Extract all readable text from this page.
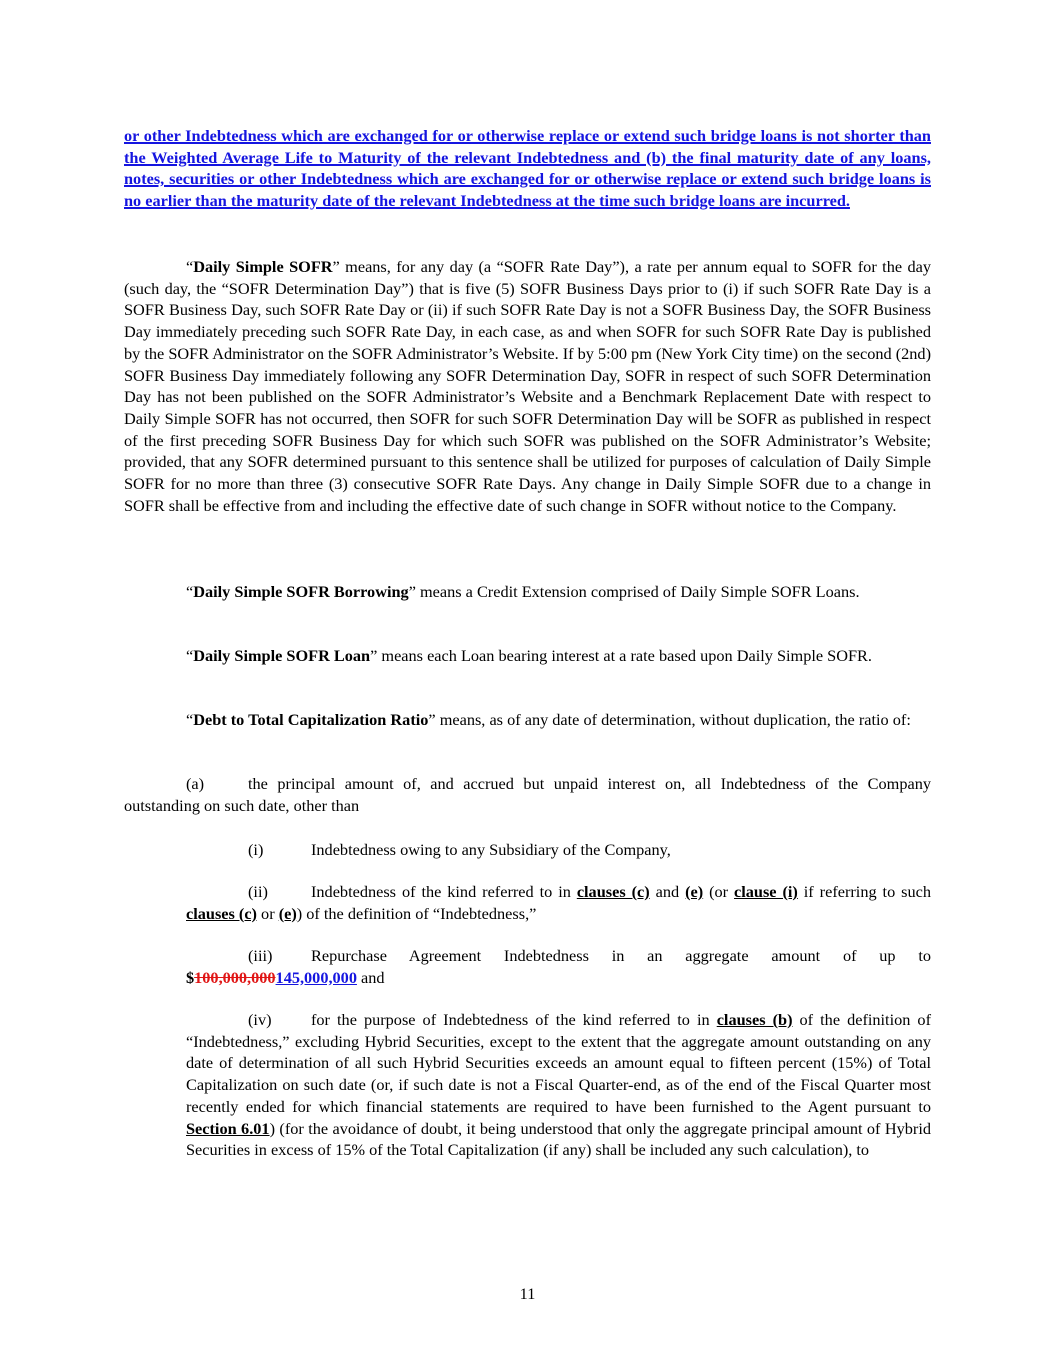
or other Indebtedness which are exchanged for or otherwise replace or extend such bridge loans is not shorter than the Weighted Average Life to Maturity of the relevant Indebtedness and (b) the final maturity date of any loans, notes, securities or other Indebtedness which are exchanged for or otherwise replace or extend such bridge loans is no earlier than the maturity date of the relevant Indebtedness at the time such bridge loans are incurred.

“Daily Simple SOFR” means, for any day (a “SOFR Rate Day”), a rate per annum equal to SOFR for the day (such day, the “SOFR Determination Day”) that is five (5) SOFR Business Days prior to (i) if such SOFR Rate Day is a SOFR Business Day, such SOFR Rate Day or (ii) if such SOFR Rate Day is not a SOFR Business Day, the SOFR Business Day immediately preceding such SOFR Rate Day, in each case, as and when SOFR for such SOFR Rate Day is published by the SOFR Administrator on the SOFR Administrator’s Website. If by 5:00 pm (New York City time) on the second (2nd) SOFR Business Day immediately following any SOFR Determination Day, SOFR in respect of such SOFR Determination Day has not been published on the SOFR Administrator’s Website and a Benchmark Replacement Date with respect to Daily Simple SOFR has not occurred, then SOFR for such SOFR Determination Day will be SOFR as published in respect of the first preceding SOFR Business Day for which such SOFR was published on the SOFR Administrator’s Website; provided, that any SOFR determined pursuant to this sentence shall be utilized for purposes of calculation of Daily Simple SOFR for no more than three (3) consecutive SOFR Rate Days. Any change in Daily Simple SOFR due to a change in SOFR shall be effective from and including the effective date of such change in SOFR without notice to the Company.

“Daily Simple SOFR Borrowing” means a Credit Extension comprised of Daily Simple SOFR Loans.

“Daily Simple SOFR Loan” means each Loan bearing interest at a rate based upon Daily Simple SOFR.

“Debt to Total Capitalization Ratio” means, as of any date of determination, without duplication, the ratio of:

(a)	the principal amount of, and accrued but unpaid interest on, all Indebtedness of the Company outstanding on such date, other than

(i)	Indebtedness owing to any Subsidiary of the Company,

(ii)	Indebtedness of the kind referred to in clauses (c) and (e) (or clause (i) if referring to such clauses (c) or (e)) of the definition of “Indebtedness,”

(iii) Repurchase Agreement Indebtedness in an aggregate amount of up to $100,000,000145,000,000 and

(iv) for the purpose of Indebtedness of the kind referred to in clauses (b) of the definition of “Indebtedness,” excluding Hybrid Securities, except to the extent that the aggregate amount outstanding on any date of determination of all such Hybrid Securities exceeds an amount equal to fifteen percent (15%) of Total Capitalization on such date (or, if such date is not a Fiscal Quarter-end, as of the end of the Fiscal Quarter most recently ended for which financial statements are required to have been furnished to the Agent pursuant to Section 6.01) (for the avoidance of doubt, it being understood that only the aggregate principal amount of Hybrid Securities in excess of 15% of the Total Capitalization (if any) shall be included any such calculation), to

11
